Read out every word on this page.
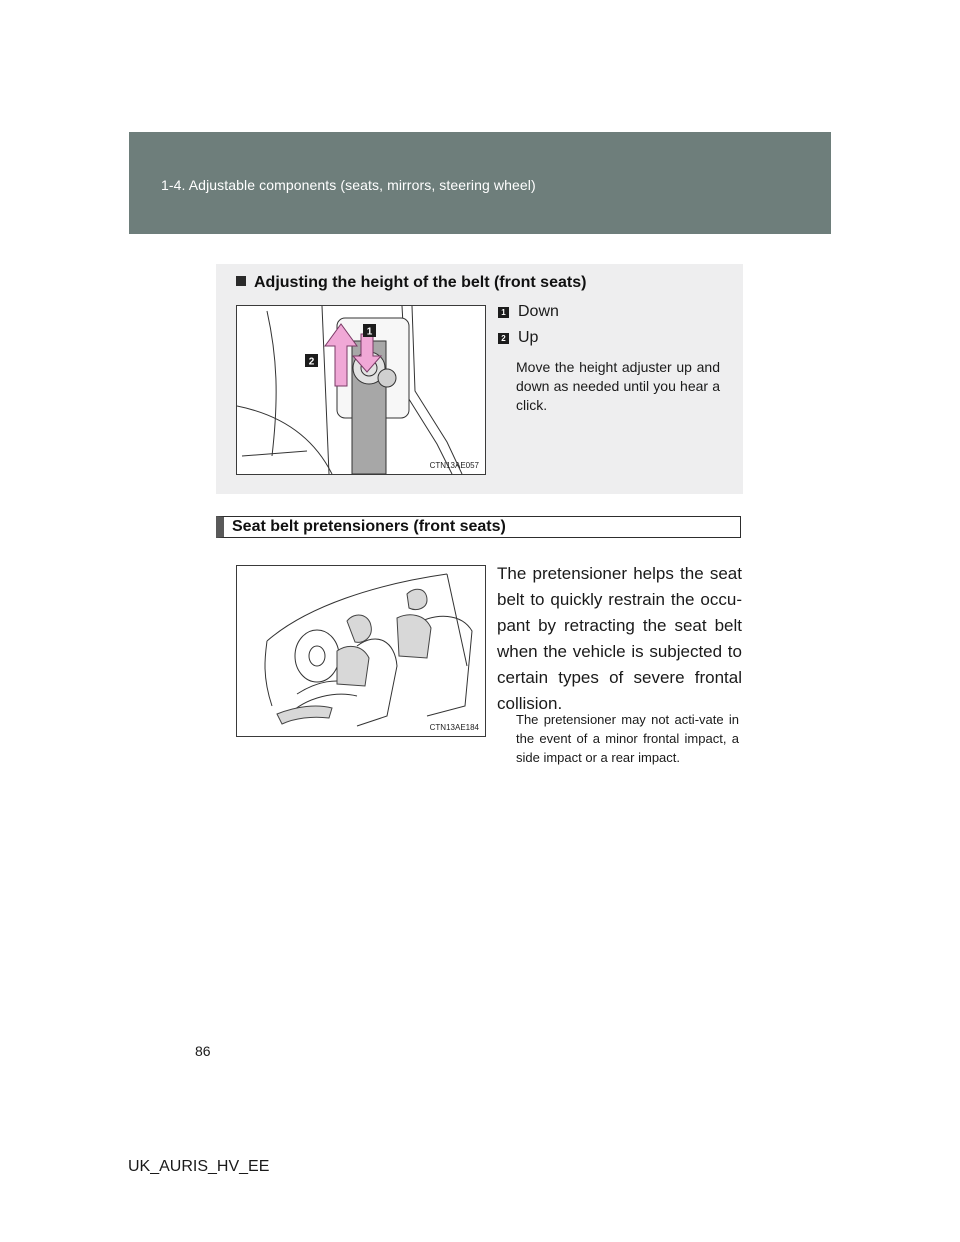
1-4. Adjustable components (seats, mirrors, steering wheel)
Adjusting the height of the belt (front seats)
1
2
CTN13AE057
1 Down
2 Up
Move the height adjuster up and down as needed until you hear a click.
Seat belt pretensioners (front seats)
CTN13AE184
The pretensioner helps the seat belt to quickly restrain the occu-pant by retracting the seat belt when the vehicle is subjected to certain types of severe frontal collision.
The pretensioner may not acti-vate in the event of a minor frontal impact, a side impact or a rear impact.
86
UK_AURIS_HV_EE
